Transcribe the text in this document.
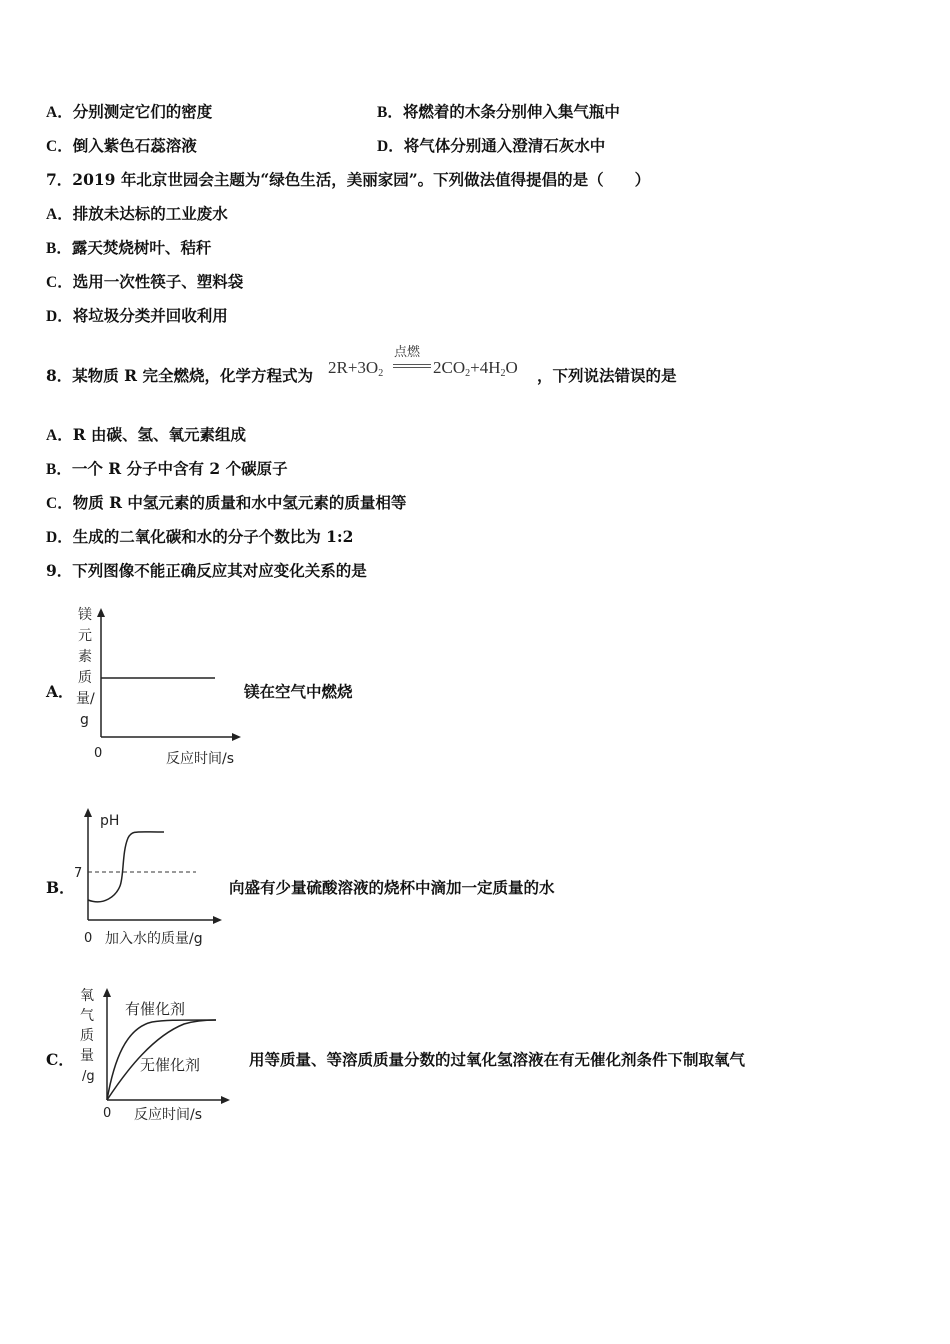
A．分别测定它们的密度	B．将燃着的木条分别伸入集气瓶中
C．倒入紫色石蕊溶液	D．将气体分别通入澄清石灰水中
7．2019 年北京世园会主题为“绿色生活，美丽家园”。下列做法值得提倡的是（　　）
A．排放未达标的工业废水
B．露天焚烧树叶、秸秆
C．选用一次性筷子、塑料袋
D．将垃圾分类并回收利用
8．某物质 R 完全燃烧，化学方程式为 $2R+3O_2$
点燃
$2CO_2+4H_2O$ ，下列说法错误的是
A．R 由碳、氢、氧元素组成
B．一个 R 分子中含有 2 个碳原子
C．物质 R 中氢元素的质量和水中氢元素的质量相等
D．生成的二氧化碳和水的分子个数比为 1:2
9．下列图像不能正确反应其对应变化关系的是
A．
镁
元
素
质
量/
g
0	反应时间/s
镁在空气中燃烧
B．
pH
7
0 加入水的质量/g
向盛有少量硫酸溶液的烧杯中滴加一定质量的水
C．
氧
气
质
量
/g
有催化剂
无催化剂
0 反应时间/s
用等质量、等溶质质量分数的过氧化氢溶液在有无催化剂条件下制取氧气
